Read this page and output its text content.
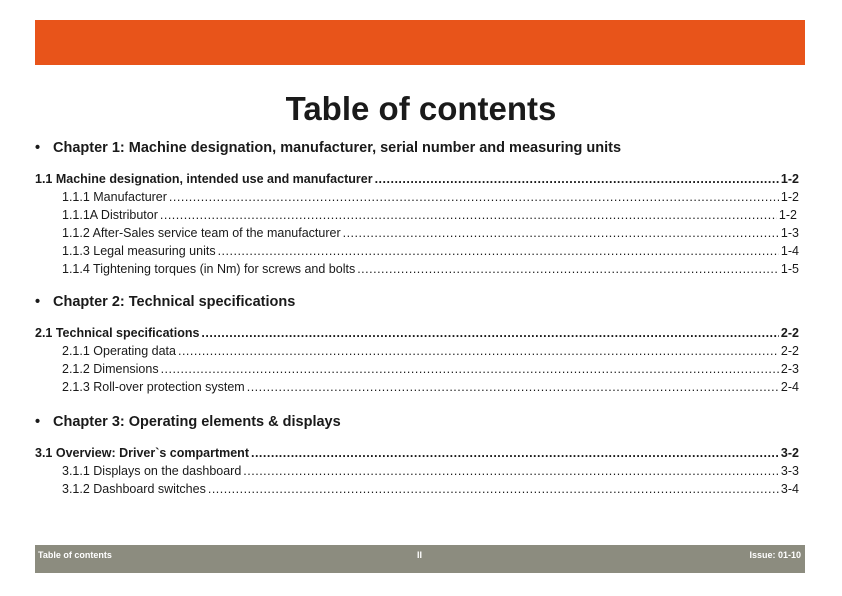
Table of contents
• Chapter 1: Machine designation, manufacturer, serial number and measuring units
1.1 Machine designation, intended use and manufacturer .....	1-2
1.1.1 Manufacturer .....	1-2
1.1.1A Distributor .....	1-2
1.1.2 After-Sales service team of the manufacturer .....	1-3
1.1.3 Legal measuring units .....	1-4
1.1.4 Tightening torques (in Nm) for screws and bolts .....	1-5
• Chapter 2: Technical specifications
2.1 Technical specifications .....	2-2
2.1.1 Operating data .....	2-2
2.1.2 Dimensions .....	2-3
2.1.3 Roll-over protection system .....	2-4
• Chapter 3: Operating elements & displays
3.1 Overview: Driver`s compartment .....	3-2
3.1.1 Displays on the dashboard .....	3-3
3.1.2 Dashboard switches .....	3-4
Table of contents	II	Issue: 01-10
